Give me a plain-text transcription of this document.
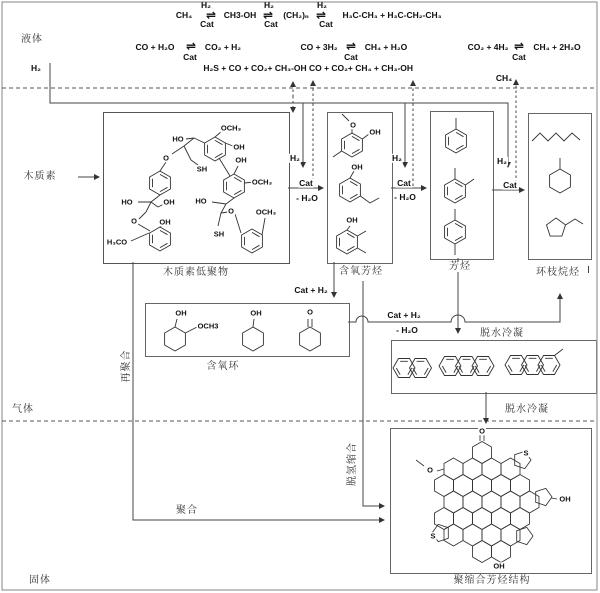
液体
H₂
木质素
气体
固体
CH₄ ⇌
H₂
Cat
CH3-OH ⇌
H₂
Cat
(CH₂)ₙ ⇌
H₂
Cat
H₃C-CH₃ + H₃C-CH₂-CH₃
CO + H₂O ⇌
Cat
CO₂ + H₂	CO + 3H₂ ⇌
Cat
CH₄ + H₂O	CO₂ + 4H₂ ⇌
Cat
CH₄ + 2H₂O
H₂S + CO + CO₂+ CH₃-OH CO + CO₂+ CH₄ + CH₃-OH
CH₄
H₂
Cat
- H₂O
H₂
Cat
- H₂O
H₂
Cat
Cat + H₂
Cat + H₂
- H₂O
再聚合
聚合
脱氢缩合
木质素低聚物	含氧芳烃	芳烃
环枝烷烃 I
含氧环
脱水冷凝
脱水冷凝
聚缩合芳烃结构
OCH₃
HO
OH
O	OH
SH
OCH₃
HO	OH	HO
O	OCH₃
O	OH
SH
H₃CO
O
OH
OH
OH
OH
OCH3
OH	O
O
S
OH
O
S
OH
